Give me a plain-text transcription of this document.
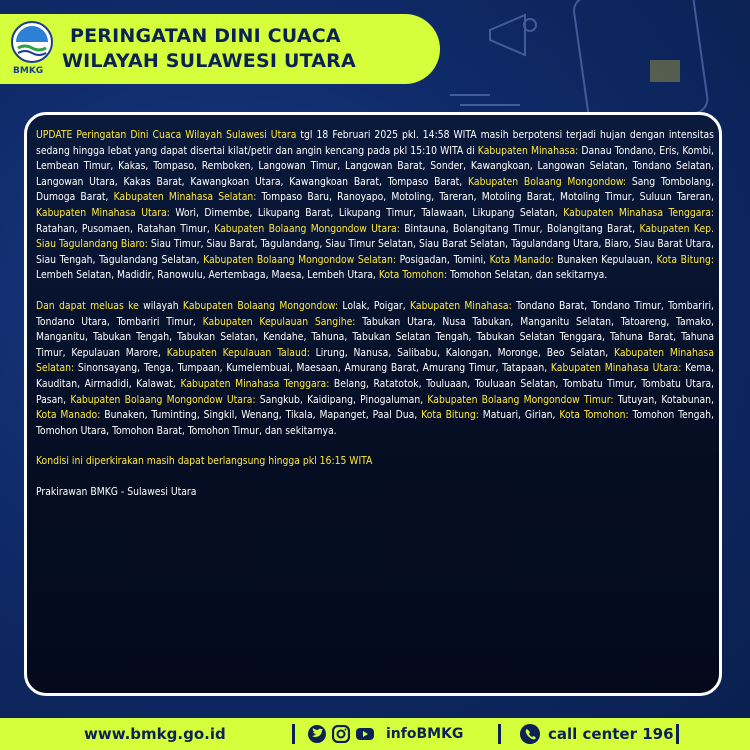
BMKG
PERINGATAN DINI CUACA
WILAYAH SULAWESI UTARA

UPDATE Peringatan Dini Cuaca Wilayah Sulawesi Utara tgl 18 Februari 2025 pkl. 14:58 WITA masih berpotensi terjadi hujan dengan intensitas sedang hingga lebat yang dapat disertai kilat/petir dan angin kencang pada pkl 15:10 WITA di Kabupaten Minahasa: Danau Tondano, Eris, Kombi, Lembean Timur, Kakas, Tompaso, Remboken, Langowan Timur, Langowan Barat, Sonder, Kawangkoan, Langowan Selatan, Tondano Selatan, Langowan Utara, Kakas Barat, Kawangkoan Utara, Kawangkoan Barat, Tompaso Barat, Kabupaten Bolaang Mongondow: Sang Tombolang, Dumoga Barat, Kabupaten Minahasa Selatan: Tompaso Baru, Ranoyapo, Motoling, Tareran, Motoling Barat, Motoling Timur, Suluun Tareran, Kabupaten Minahasa Utara: Wori, Dimembe, Likupang Barat, Likupang Timur, Talawaan, Likupang Selatan, Kabupaten Minahasa Tenggara: Ratahan, Pusomaen, Ratahan Timur, Kabupaten Bolaang Mongondow Utara: Bintauna, Bolangitang Timur, Bolangitang Barat, Kabupaten Kep. Siau Tagulandang Biaro: Siau Timur, Siau Barat, Tagulandang, Siau Timur Selatan, Siau Barat Selatan, Tagulandang Utara, Biaro, Siau Barat Utara, Siau Tengah, Tagulandang Selatan, Kabupaten Bolaang Mongondow Selatan: Posigadan, Tomini, Kota Manado: Bunaken Kepulauan, Kota Bitung: Lembeh Selatan, Madidir, Ranowulu, Aertembaga, Maesa, Lembeh Utara, Kota Tomohon: Tomohon Selatan, dan sekitarnya.

Dan dapat meluas ke wilayah Kabupaten Bolaang Mongondow: Lolak, Poigar, Kabupaten Minahasa: Tondano Barat, Tondano Timur, Tombariri, Tondano Utara, Tombariri Timur, Kabupaten Kepulauan Sangihe: Tabukan Utara, Nusa Tabukan, Manganitu Selatan, Tatoareng, Tamako, Manganitu, Tabukan Tengah, Tabukan Selatan, Kendahe, Tahuna, Tabukan Selatan Tengah, Tabukan Selatan Tenggara, Tahuna Barat, Tahuna Timur, Kepulauan Marore, Kabupaten Kepulauan Talaud: Lirung, Nanusa, Salibabu, Kalongan, Moronge, Beo Selatan, Kabupaten Minahasa Selatan: Sinonsayang, Tenga, Tumpaan, Kumelembuai, Maesaan, Amurang Barat, Amurang Timur, Tatapaan, Kabupaten Minahasa Utara: Kema, Kauditan, Airmadidi, Kalawat, Kabupaten Minahasa Tenggara: Belang, Ratatotok, Touluaan, Touluaan Selatan, Tombatu Timur, Tombatu Utara, Pasan, Kabupaten Bolaang Mongondow Utara: Sangkub, Kaidipang, Pinogaluman, Kabupaten Bolaang Mongondow Timur: Tutuyan, Kotabunan, Kota Manado: Bunaken, Tuminting, Singkil, Wenang, Tikala, Mapanget, Paal Dua, Kota Bitung: Matuari, Girian, Kota Tomohon: Tomohon Tengah, Tomohon Utara, Tomohon Barat, Tomohon Timur, dan sekitarnya.

Kondisi ini diperkirakan masih dapat berlangsung hingga pkl 16:15 WITA

Prakirawan BMKG - Sulawesi Utara

www.bmkg.go.id	infoBMKG	call center 196
